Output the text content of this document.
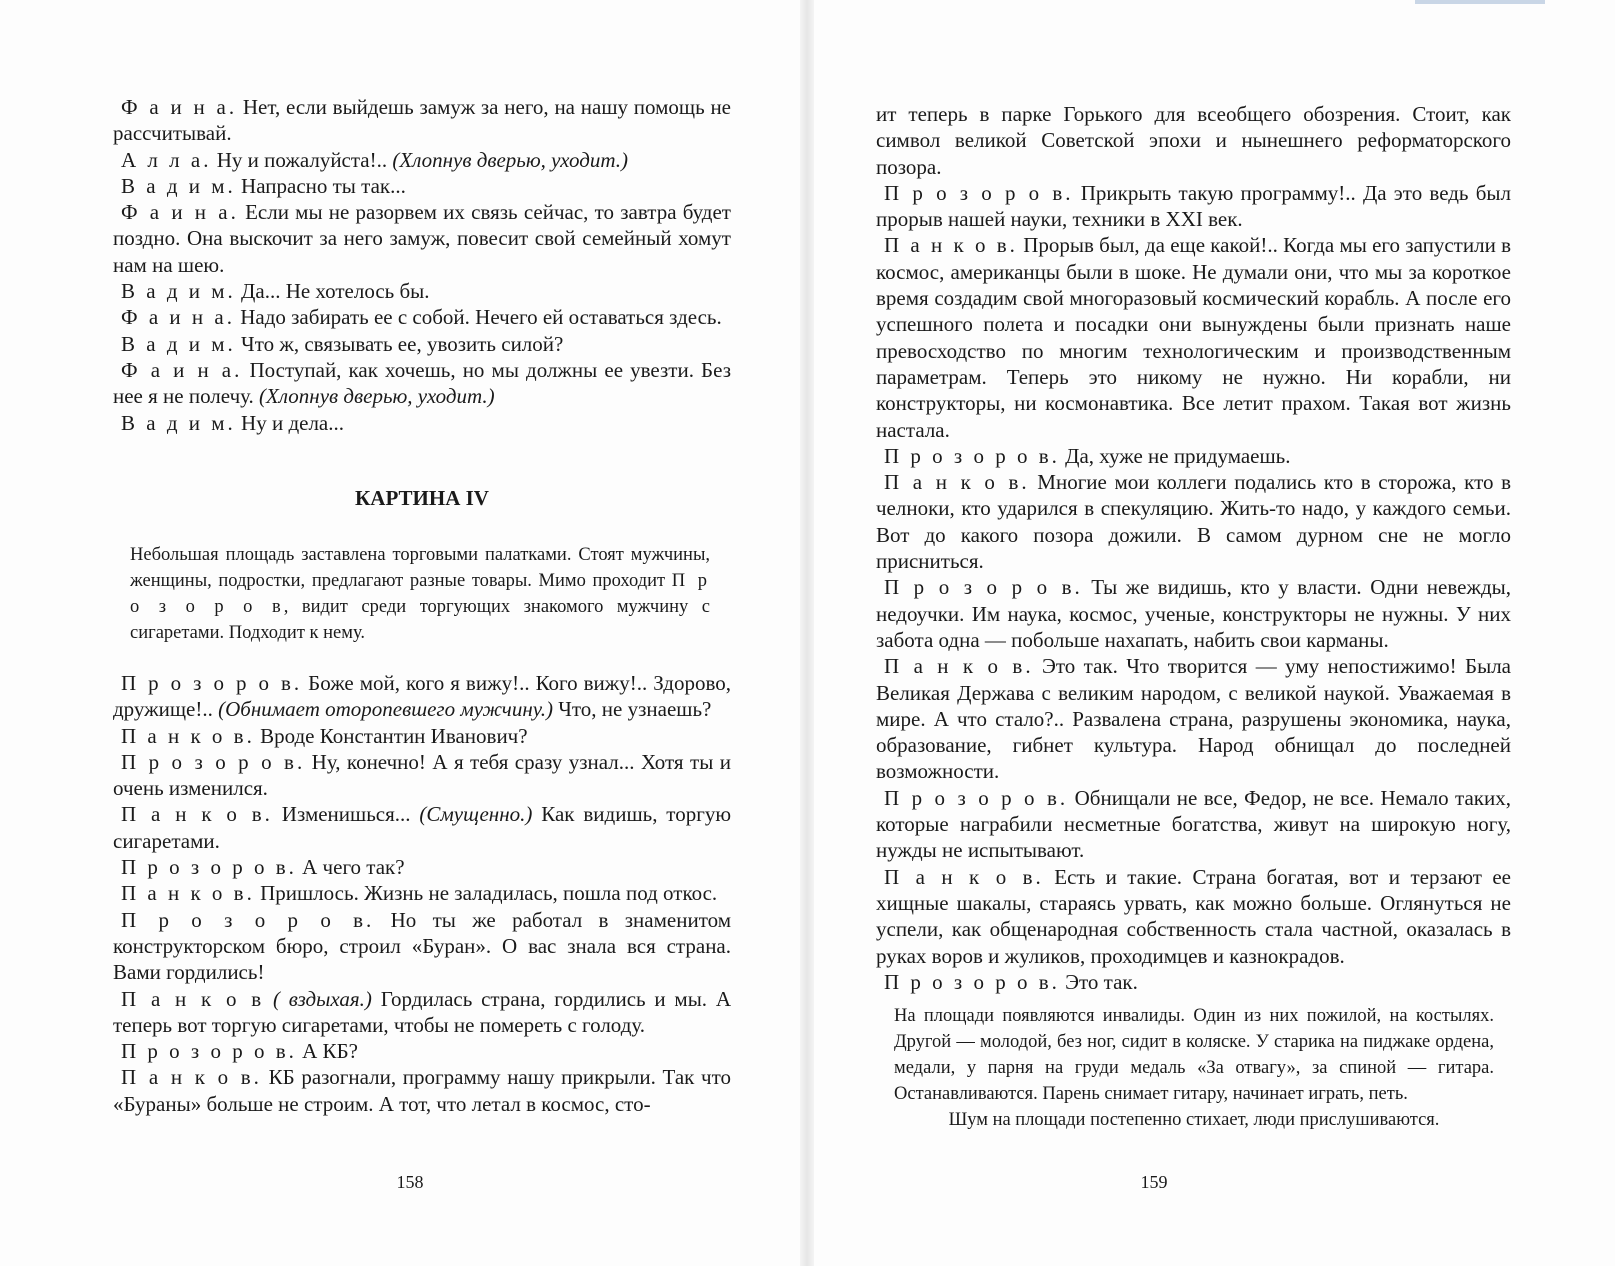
Ф а и н а. Нет, если выйдешь замуж за него, на нашу помощь не рассчитывай.

А л л а. Ну и пожалуйста!.. (Хлопнув дверью, уходит.)

В а д и м. Напрасно ты так...

Ф а и н а. Если мы не разорвем их связь сейчас, то завтра будет поздно. Она выскочит за него замуж, повесит свой семейный хомут нам на шею.

В а д и м. Да... Не хотелось бы.

Ф а и н а. Надо забирать ее с собой. Нечего ей оставаться здесь.

В а д и м. Что ж, связывать ее, увозить силой?

Ф а и н а. Поступай, как хочешь, но мы должны ее увезти. Без нее я не полечу. (Хлопнув дверью, уходит.)

В а д и м. Ну и дела...

КАРТИНА IV

Небольшая площадь заставлена торговыми палатками. Стоят мужчины, женщины, подростки, предлагают разные товары. Мимо проходит П р о з о р о в, видит среди торгующих знакомого мужчину с сигаретами. Подходит к нему.

П р о з о р о в. Боже мой, кого я вижу!.. Кого вижу!.. Здорово, дружище!.. (Обнимает оторопевшего мужчину.) Что, не узнаешь?

П а н к о в. Вроде Константин Иванович?

П р о з о р о в. Ну, конечно! А я тебя сразу узнал... Хотя ты и очень изменился.

П а н к о в. Изменишься... (Смущенно.) Как видишь, торгую сигаретами.

П р о з о р о в. А чего так?

П а н к о в. Пришлось. Жизнь не заладилась, пошла под откос.

П р о з о р о в. Но ты же работал в знаменитом конструкторском бюро, строил «Буран». О вас знала вся страна. Вами гордились!

П а н к о в ( вздыхая.) Гордилась страна, гордились и мы. А теперь вот торгую сигаретами, чтобы не помереть с голоду.

П р о з о р о в. А КБ?

П а н к о в. КБ разогнали, программу нашу прикрыли. Так что «Бураны» больше не строим. А тот, что летал в космос, сто-

158

ит теперь в парке Горького для всеобщего обозрения. Стоит, как символ великой Советской эпохи и нынешнего реформаторского позора.

П р о з о р о в. Прикрыть такую программу!.. Да это ведь был прорыв нашей науки, техники в XXI век.

П а н к о в. Прорыв был, да еще какой!.. Когда мы его запустили в космос, американцы были в шоке. Не думали они, что мы за короткое время создадим свой многоразовый космический корабль. А после его успешного полета и посадки они вынуждены были признать наше превосходство по многим технологическим и производственным параметрам. Теперь это никому не нужно. Ни корабли, ни конструкторы, ни космонавтика. Все летит прахом. Такая вот жизнь настала.

П р о з о р о в. Да, хуже не придумаешь.

П а н к о в. Многие мои коллеги подались кто в сторожа, кто в челноки, кто ударился в спекуляцию. Жить-то надо, у каждого семьи. Вот до какого позора дожили. В самом дурном сне не могло присниться.

П р о з о р о в. Ты же видишь, кто у власти. Одни невежды, недоучки. Им наука, космос, ученые, конструкторы не нужны. У них забота одна — побольше нахапать, набить свои карманы.

П а н к о в. Это так. Что творится — уму непостижимо! Была Великая Держава с великим народом, с великой наукой. Уважаемая в мире. А что стало?.. Развалена страна, разрушены экономика, наука, образование, гибнет культура. Народ обнищал до последней возможности.

П р о з о р о в. Обнищали не все, Федор, не все. Немало таких, которые награбили несметные богатства, живут на широкую ногу, нужды не испытывают.

П а н к о в. Есть и такие. Страна богатая, вот и терзают ее хищные шакалы, стараясь урвать, как можно больше. Оглянуться не успели, как общенародная собственность стала частной, оказалась в руках воров и жуликов, проходимцев и казнокрадов.

П р о з о р о в. Это так.

На площади появляются инвалиды. Один из них пожилой, на костылях. Другой — молодой, без ног, сидит в коляске. У старика на пиджаке ордена, медали, у парня на груди медаль «За отвагу», за спиной — гитара. Останавливаются. Парень снимает гитару, начинает играть, петь.

Шум на площади постепенно стихает, люди прислушиваются.

159
